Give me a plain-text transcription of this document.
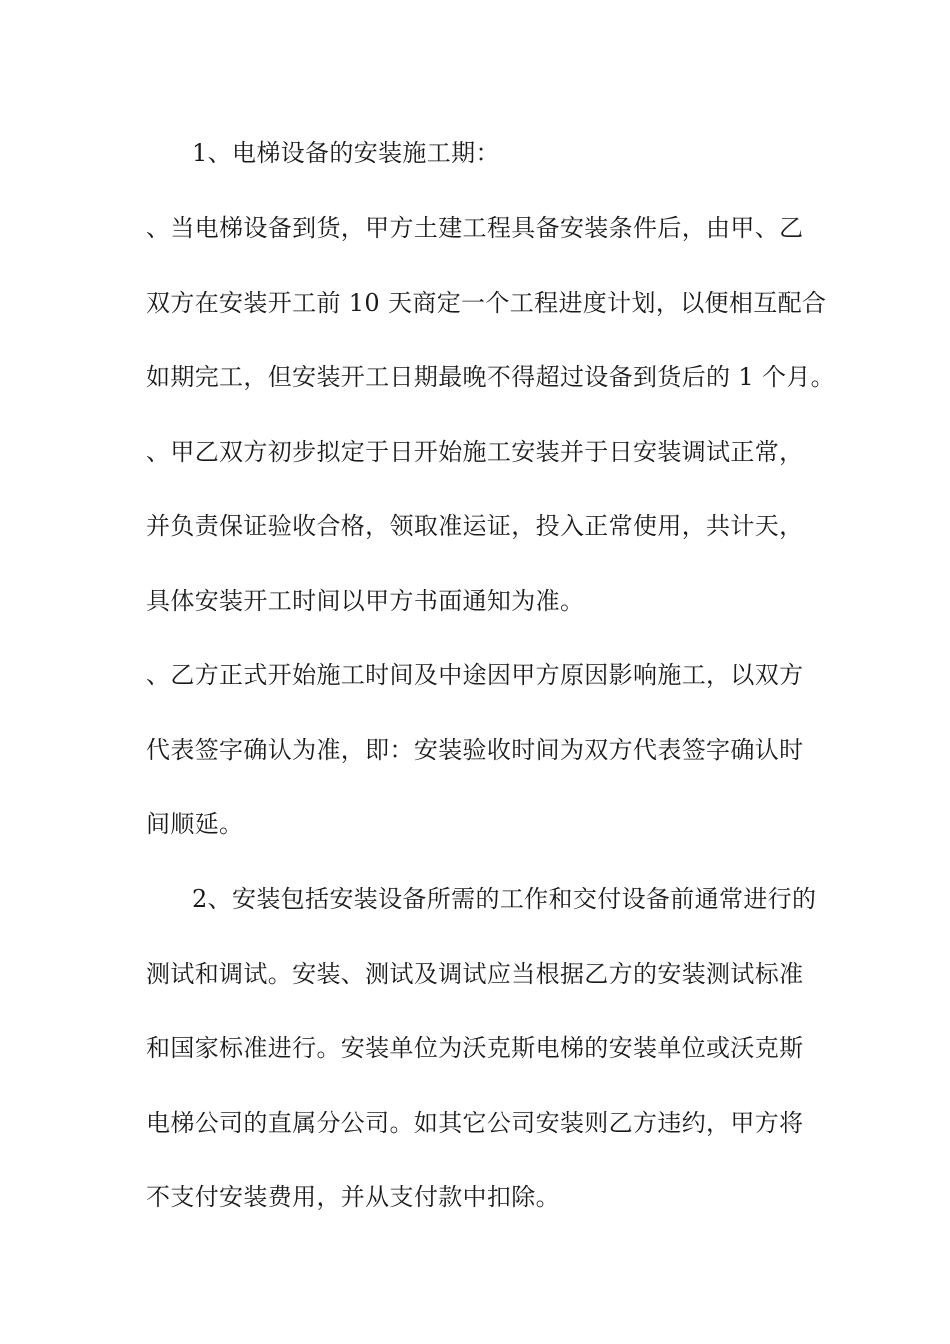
1、电梯设备的安装施工期：

、当电梯设备到货，甲方土建工程具备安装条件后，由甲、乙

双方在安装开工前 10 天商定一个工程进度计划，以便相互配合

如期完工，但安装开工日期最晚不得超过设备到货后的 1 个月。

、甲乙双方初步拟定于日开始施工安装并于日安装调试正常，

并负责保证验收合格，领取准运证，投入正常使用，共计天，

具体安装开工时间以甲方书面通知为准。

、乙方正式开始施工时间及中途因甲方原因影响施工，以双方

代表签字确认为准，即：安装验收时间为双方代表签字确认时

间顺延。

2、安装包括安装设备所需的工作和交付设备前通常进行的

测试和调试。安装、测试及调试应当根据乙方的安装测试标准

和国家标准进行。安装单位为沃克斯电梯的安装单位或沃克斯

电梯公司的直属分公司。如其它公司安装则乙方违约，甲方将

不支付安装费用，并从支付款中扣除。
